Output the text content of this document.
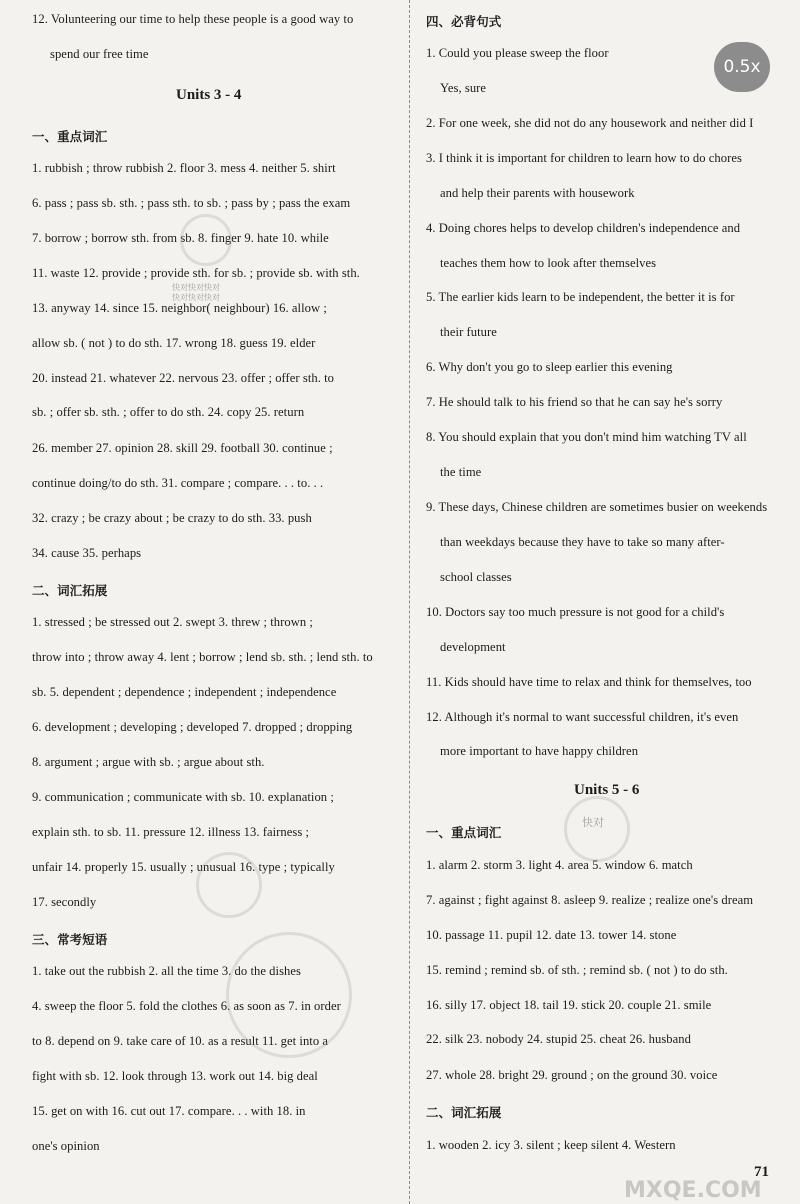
12. Volunteering our time to help these people is a good way to
spend our free time
Units 3 - 4
一、重点词汇
1. rubbish ; throw rubbish 2. floor 3. mess 4. neither 5. shirt
6. pass ; pass sb. sth. ; pass sth. to sb. ; pass by ; pass the exam
7. borrow ; borrow sth. from sb. 8. finger 9. hate 10. while
11. waste 12. provide ; provide sth. for sb. ; provide sb. with sth.
13. anyway 14. since 15. neighbor( neighbour) 16. allow ;
allow sb. ( not ) to do sth. 17. wrong 18. guess 19. elder
20. instead 21. whatever 22. nervous 23. offer ; offer sth. to
sb. ; offer sb. sth. ; offer to do sth. 24. copy 25. return
26. member 27. opinion 28. skill 29. football 30. continue ;
continue doing/to do sth. 31. compare ; compare. . . to. . .
32. crazy ; be crazy about ; be crazy to do sth. 33. push
34. cause 35. perhaps
二、词汇拓展
1. stressed ; be stressed out 2. swept 3. threw ; thrown ;
throw into ; throw away 4. lent ; borrow ; lend sb. sth. ; lend sth. to
sb. 5. dependent ; dependence ; independent ; independence
6. development ; developing ; developed 7. dropped ; dropping
8. argument ; argue with sb. ; argue about sth.
9. communication ; communicate with sb. 10. explanation ;
explain sth. to sb. 11. pressure 12. illness 13. fairness ;
unfair 14. properly 15. usually ; unusual 16. type ; typically
17. secondly
三、常考短语
1. take out the rubbish 2. all the time 3. do the dishes
4. sweep the floor 5. fold the clothes 6. as soon as 7. in order
to 8. depend on 9. take care of 10. as a result 11. get into a
fight with sb. 12. look through 13. work out 14. big deal
15. get on with 16. cut out 17. compare. . . with 18. in
one's opinion
快对快对快对
快对快对快对
四、必背句式
1. Could you please sweep the floor
Yes, sure
2. For one week, she did not do any housework and neither did I
3. I think it is important for children to learn how to do chores
and help their parents with housework
4. Doing chores helps to develop children's independence and
teaches them how to look after themselves
5. The earlier kids learn to be independent, the better it is for
their future
6. Why don't you go to sleep earlier this evening
7. He should talk to his friend so that he can say he's sorry
8. You should explain that you don't mind him watching TV all
the time
9. These days, Chinese children are sometimes busier on weekends
than weekdays because they have to take so many after-
school classes
10. Doctors say too much pressure is not good for a child's
development
11. Kids should have time to relax and think for themselves, too
12. Although it's normal to want successful children, it's even
more important to have happy children
Units 5 - 6
一、重点词汇
1. alarm 2. storm 3. light 4. area 5. window 6. match
7. against ; fight against 8. asleep 9. realize ; realize one's dream
10. passage 11. pupil 12. date 13. tower 14. stone
15. remind ; remind sb. of sth. ; remind sb. ( not ) to do sth.
16. silly 17. object 18. tail 19. stick 20. couple 21. smile
22. silk 23. nobody 24. stupid 25. cheat 26. husband
27. whole 28. bright 29. ground ; on the ground 30. voice
二、词汇拓展
1. wooden 2. icy 3. silent ; keep silent 4. Western
快对
0.5x
71
MXQE.COM
